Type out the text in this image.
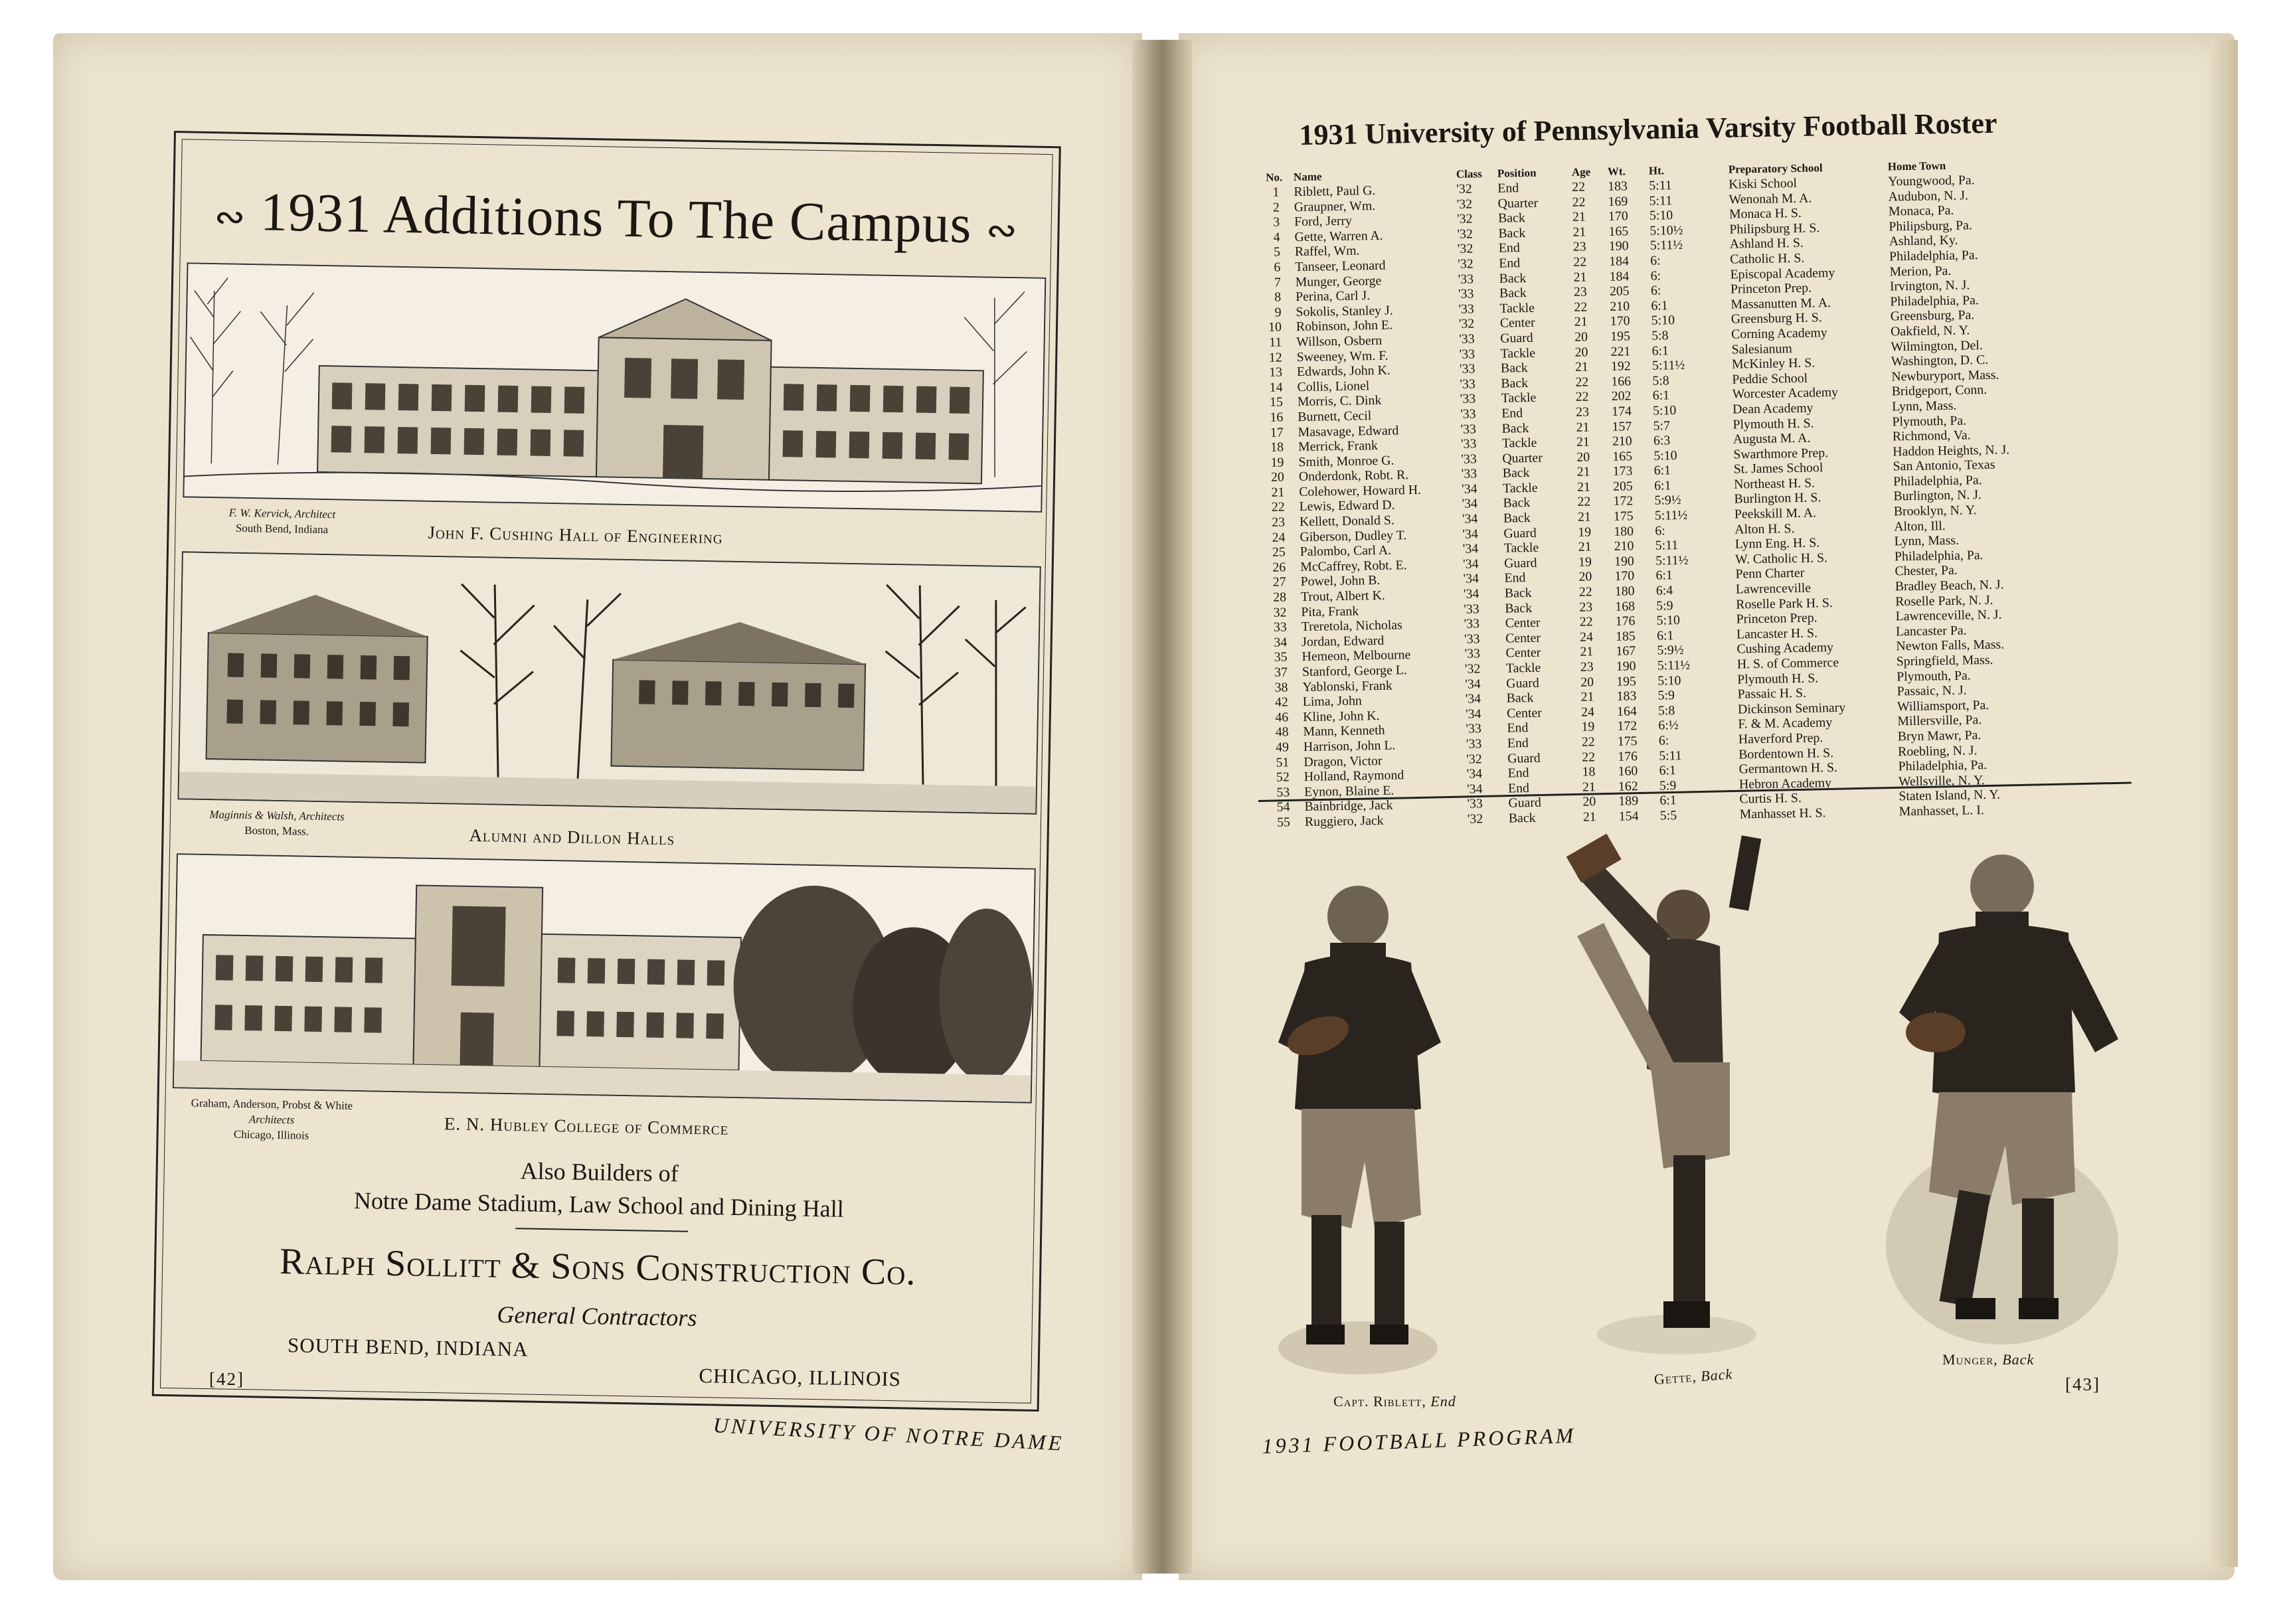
∾ 1931 Additions To The Campus ∾
F. W. Kervick, Architect
South Bend, Indiana	John F. Cushing Hall of Engineering
Maginnis & Walsh, Architects
Boston, Mass.	Alumni and Dillon Halls
Graham, Anderson, Probst & White
Architects
Chicago, Illinois	E. N. Hubley College of Commerce
Also Builders of
Notre Dame Stadium, Law School and Dining Hall
Ralph Sollitt & Sons Construction Co.
General Contractors
SOUTH BEND, INDIANA
CHICAGO, ILLINOIS
[42]
UNIVERSITY OF NOTRE DAME
1931 University of Pennsylvania Varsity Football Roster
No.	Name	Class	Position	Age	Wt.	Ht.	Preparatory School	Home Town
1	Riblett, Paul G.	'32	End	22	183	5:11	Kiski School	Youngwood, Pa.
2	Graupner, Wm.	'32	Quarter	22	169	5:11	Wenonah M. A.	Audubon, N. J.
3	Ford, Jerry	'32	Back	21	170	5:10	Monaca H. S.	Monaca, Pa.
4	Gette, Warren A.	'32	Back	21	165	5:10½	Philipsburg H. S.	Philipsburg, Pa.
5	Raffel, Wm.	'32	End	23	190	5:11½	Ashland H. S.	Ashland, Ky.
6	Tanseer, Leonard	'32	End	22	184	6:	Catholic H. S.	Philadelphia, Pa.
7	Munger, George	'33	Back	21	184	6:	Episcopal Academy	Merion, Pa.
8	Perina, Carl J.	'33	Back	23	205	6:	Princeton Prep.	Irvington, N. J.
9	Sokolis, Stanley J.	'33	Tackle	22	210	6:1	Massanutten M. A.	Philadelphia, Pa.
10	Robinson, John E.	'32	Center	21	170	5:10	Greensburg H. S.	Greensburg, Pa.
11	Willson, Osbern	'33	Guard	20	195	5:8	Corning Academy	Oakfield, N. Y.
12	Sweeney, Wm. F.	'33	Tackle	20	221	6:1	Salesianum	Wilmington, Del.
13	Edwards, John K.	'33	Back	21	192	5:11½	McKinley H. S.	Washington, D. C.
14	Collis, Lionel	'33	Back	22	166	5:8	Peddie School	Newburyport, Mass.
15	Morris, C. Dink	'33	Tackle	22	202	6:1	Worcester Academy	Bridgeport, Conn.
16	Burnett, Cecil	'33	End	23	174	5:10	Dean Academy	Lynn, Mass.
17	Masavage, Edward	'33	Back	21	157	5:7	Plymouth H. S.	Plymouth, Pa.
18	Merrick, Frank	'33	Tackle	21	210	6:3	Augusta M. A.	Richmond, Va.
19	Smith, Monroe G.	'33	Quarter	20	165	5:10	Swarthmore Prep.	Haddon Heights, N. J.
20	Onderdonk, Robt. R.	'33	Back	21	173	6:1	St. James School	San Antonio, Texas
21	Colehower, Howard H.	'34	Tackle	21	205	6:1	Northeast H. S.	Philadelphia, Pa.
22	Lewis, Edward D.	'34	Back	22	172	5:9½	Burlington H. S.	Burlington, N. J.
23	Kellett, Donald S.	'34	Back	21	175	5:11½	Peekskill M. A.	Brooklyn, N. Y.
24	Giberson, Dudley T.	'34	Guard	19	180	6:	Alton H. S.	Alton, Ill.
25	Palombo, Carl A.	'34	Tackle	21	210	5:11	Lynn Eng. H. S.	Lynn, Mass.
26	McCaffrey, Robt. E.	'34	Guard	19	190	5:11½	W. Catholic H. S.	Philadelphia, Pa.
27	Powel, John B.	'34	End	20	170	6:1	Penn Charter	Chester, Pa.
28	Trout, Albert K.	'34	Back	22	180	6:4	Lawrenceville	Bradley Beach, N. J.
32	Pita, Frank	'33	Back	23	168	5:9	Roselle Park H. S.	Roselle Park, N. J.
33	Treretola, Nicholas	'33	Center	22	176	5:10	Princeton Prep.	Lawrenceville, N. J.
34	Jordan, Edward	'33	Center	24	185	6:1	Lancaster H. S.	Lancaster Pa.
35	Hemeon, Melbourne	'33	Center	21	167	5:9½	Cushing Academy	Newton Falls, Mass.
37	Stanford, George L.	'32	Tackle	23	190	5:11½	H. S. of Commerce	Springfield, Mass.
38	Yablonski, Frank	'34	Guard	20	195	5:10	Plymouth H. S.	Plymouth, Pa.
42	Lima, John	'34	Back	21	183	5:9	Passaic H. S.	Passaic, N. J.
46	Kline, John K.	'34	Center	24	164	5:8	Dickinson Seminary	Williamsport, Pa.
48	Mann, Kenneth	'33	End	19	172	6:½	F. & M. Academy	Millersville, Pa.
49	Harrison, John L.	'33	End	22	175	6:	Haverford Prep.	Bryn Mawr, Pa.
51	Dragon, Victor	'32	Guard	22	176	5:11	Bordentown H. S.	Roebling, N. J.
52	Holland, Raymond	'34	End	18	160	6:1	Germantown H. S.	Philadelphia, Pa.
53	Eynon, Blaine E.	'34	End	21	162	5:9	Hebron Academy	Wellsville, N. Y.
54	Bainbridge, Jack	'33	Guard	20	189	6:1	Curtis H. S.	Staten Island, N. Y.
55	Ruggiero, Jack	'32	Back	21	154	5:5	Manhasset H. S.	Manhasset, L. I.
Capt. Riblett, End
Gette, Back
Munger, Back
[43]
1931 FOOTBALL PROGRAM
